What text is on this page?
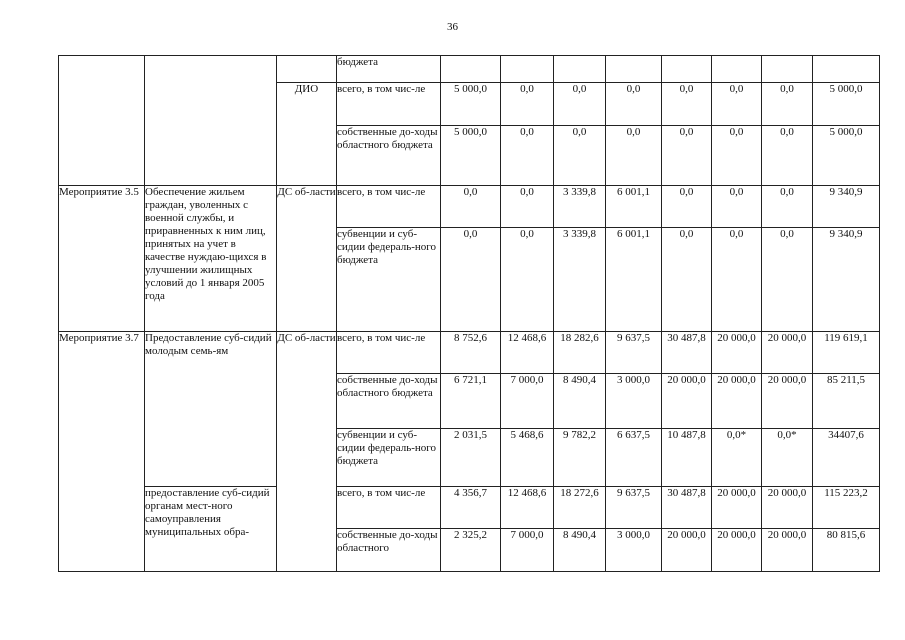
36
			бюджета								
		ДИО	всего, в том чис-ле	5 000,0	0,0	0,0	0,0	0,0	0,0	0,0	5 000,0
			собственные до-ходы областного бюджета	5 000,0	0,0	0,0	0,0	0,0	0,0	0,0	5 000,0
Мероприятие 3.5	Обеспечение жильем граждан, уволенных с военной службы, и приравненных к ним лиц, принятых на учет в качестве нуждаю-щихся в улучшении жилищных условий до 1 января 2005 года	ДС об-ласти	всего, в том чис-ле	0,0	0,0	3 339,8	6 001,1	0,0	0,0	0,0	9 340,9
			субвенции и суб-сидии федераль-ного бюджета	0,0	0,0	3 339,8	6 001,1	0,0	0,0	0,0	9 340,9
Мероприятие 3.7	Предоставление суб-сидий молодым семь-ям	ДС об-ласти	всего, в том чис-ле	8 752,6	12 468,6	18 282,6	9 637,5	30 487,8	20 000,0	20 000,0	119 619,1
			собственные до-ходы областного бюджета	6 721,1	7 000,0	8 490,4	3 000,0	20 000,0	20 000,0	20 000,0	85 211,5
			субвенции и суб-сидии федераль-ного бюджета	2 031,5	5 468,6	9 782,2	6 637,5	10 487,8	0,0*	0,0*	34407,6
	предоставление суб-сидий органам мест-ного самоуправления муниципальных обра-		всего, в том чис-ле	4 356,7	12 468,6	18 272,6	9 637,5	30 487,8	20 000,0	20 000,0	115 223,2
			собственные до-ходы областного	2 325,2	7 000,0	8 490,4	3 000,0	20 000,0	20 000,0	20 000,0	80 815,6
